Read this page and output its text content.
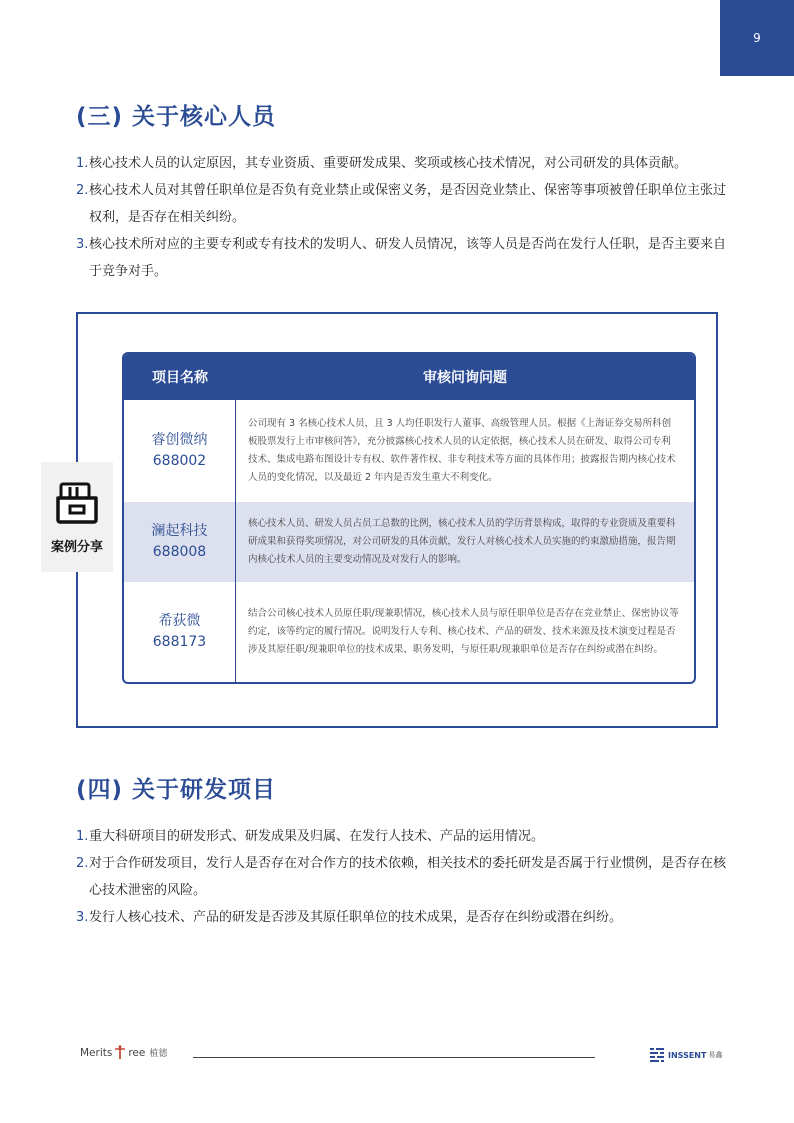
9
(三) 关于核心人员
1. 核心技术人员的认定原因，其专业资质、重要研发成果、奖项或核心技术情况，对公司研发的具体贡献。
2. 核心技术人员对其曾任职单位是否负有竞业禁止或保密义务，是否因竞业禁止、保密等事项被曾任职单位主张过权利，是否存在相关纠纷。
3. 核心技术所对应的主要专利或专有技术的发明人、研发人员情况，该等人员是否尚在发行人任职，是否主要来自于竞争对手。
案例分享
项目名称	审核问询问题
睿创微纳
688002
公司现有 3 名核心技术人员，且 3 人均任职发行人董事、高级管理人员。根据《上海证券交易所科创板股票发行上市审核问答》，充分披露核心技术人员的认定依据，核心技术人员在研发、取得公司专利技术、集成电路布图设计专有权、软件著作权、非专利技术等方面的具体作用；披露报告期内核心技术人员的变化情况，以及最近 2 年内是否发生重大不利变化。
澜起科技
688008
核心技术人员、研发人员占员工总数的比例，核心技术人员的学历背景构成，取得的专业资质及重要科研成果和获得奖项情况，对公司研发的具体贡献，发行人对核心技术人员实施的约束激励措施，报告期内核心技术人员的主要变动情况及对发行人的影响。
希荻微
688173
结合公司核心技术人员原任职/现兼职情况，核心技术人员与原任职单位是否存在竞业禁止、保密协议等约定，该等约定的履行情况。说明发行人专利、核心技术、产品的研发、技术来源及技术演变过程是否涉及其原任职/现兼职单位的技术成果、职务发明，与原任职/现兼职单位是否存在纠纷或潜在纠纷。
(四) 关于研发项目
1. 重大科研项目的研发形式、研发成果及归属、在发行人技术、产品的运用情况。
2. 对于合作研发项目，发行人是否存在对合作方的技术依赖，相关技术的委托研发是否属于行业惯例，是否存在核心技术泄密的风险。
3. 发行人核心技术、产品的研发是否涉及其原任职单位的技术成果，是否存在纠纷或潜在纠纷。
Merits ree 植德	INSSENT 易鑫
